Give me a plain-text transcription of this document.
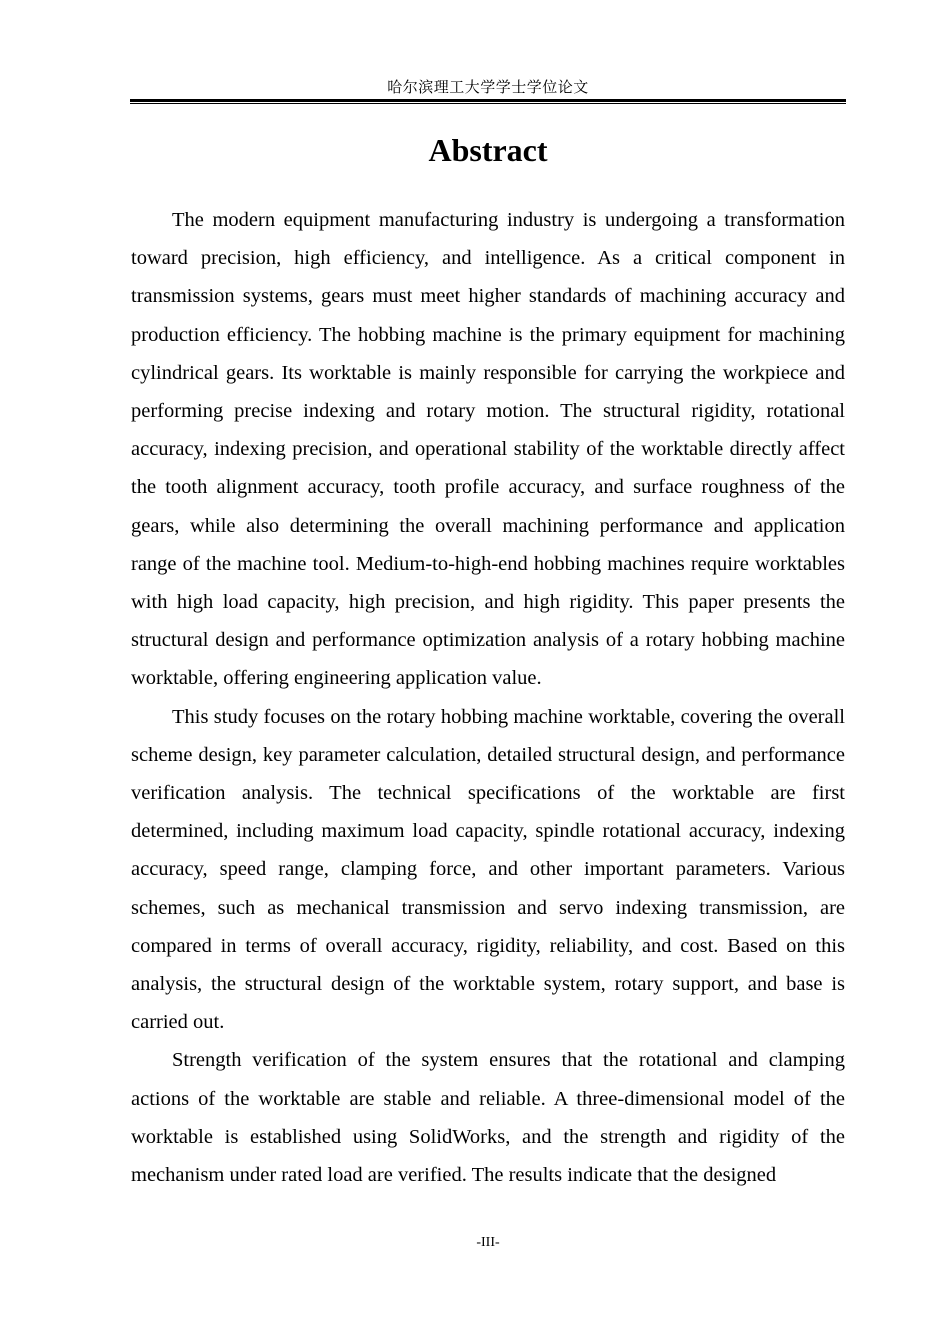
哈尔滨理工大学学士学位论文
Abstract

The modern equipment manufacturing industry is undergoing a transformation toward precision, high efficiency, and intelligence. As a critical component in transmission systems, gears must meet higher standards of machining accuracy and production efficiency. The hobbing machine is the primary equipment for machining cylindrical gears. Its worktable is mainly responsible for carrying the workpiece and performing precise indexing and rotary motion. The structural rigidity, rotational accuracy, indexing precision, and operational stability of the worktable directly affect the tooth alignment accuracy, tooth profile accuracy, and surface roughness of the gears, while also determining the overall machining performance and application range of the machine tool. Medium-to-high-end hobbing machines require worktables with high load capacity, high precision, and high rigidity. This paper presents the structural design and performance optimization analysis of a rotary hobbing machine worktable, offering engineering application value.

This study focuses on the rotary hobbing machine worktable, covering the overall scheme design, key parameter calculation, detailed structural design, and performance verification analysis. The technical specifications of the worktable are first determined, including maximum load capacity, spindle rotational accuracy, indexing accuracy, speed range, clamping force, and other important parameters. Various schemes, such as mechanical transmission and servo indexing transmission, are compared in terms of overall accuracy, rigidity, reliability, and cost. Based on this analysis, the structural design of the worktable system, rotary support, and base is carried out.

Strength verification of the system ensures that the rotational and clamping actions of the worktable are stable and reliable. A three-dimensional model of the worktable is established using SolidWorks, and the strength and rigidity of the mechanism under rated load are verified. The results indicate that the designed

-III-
